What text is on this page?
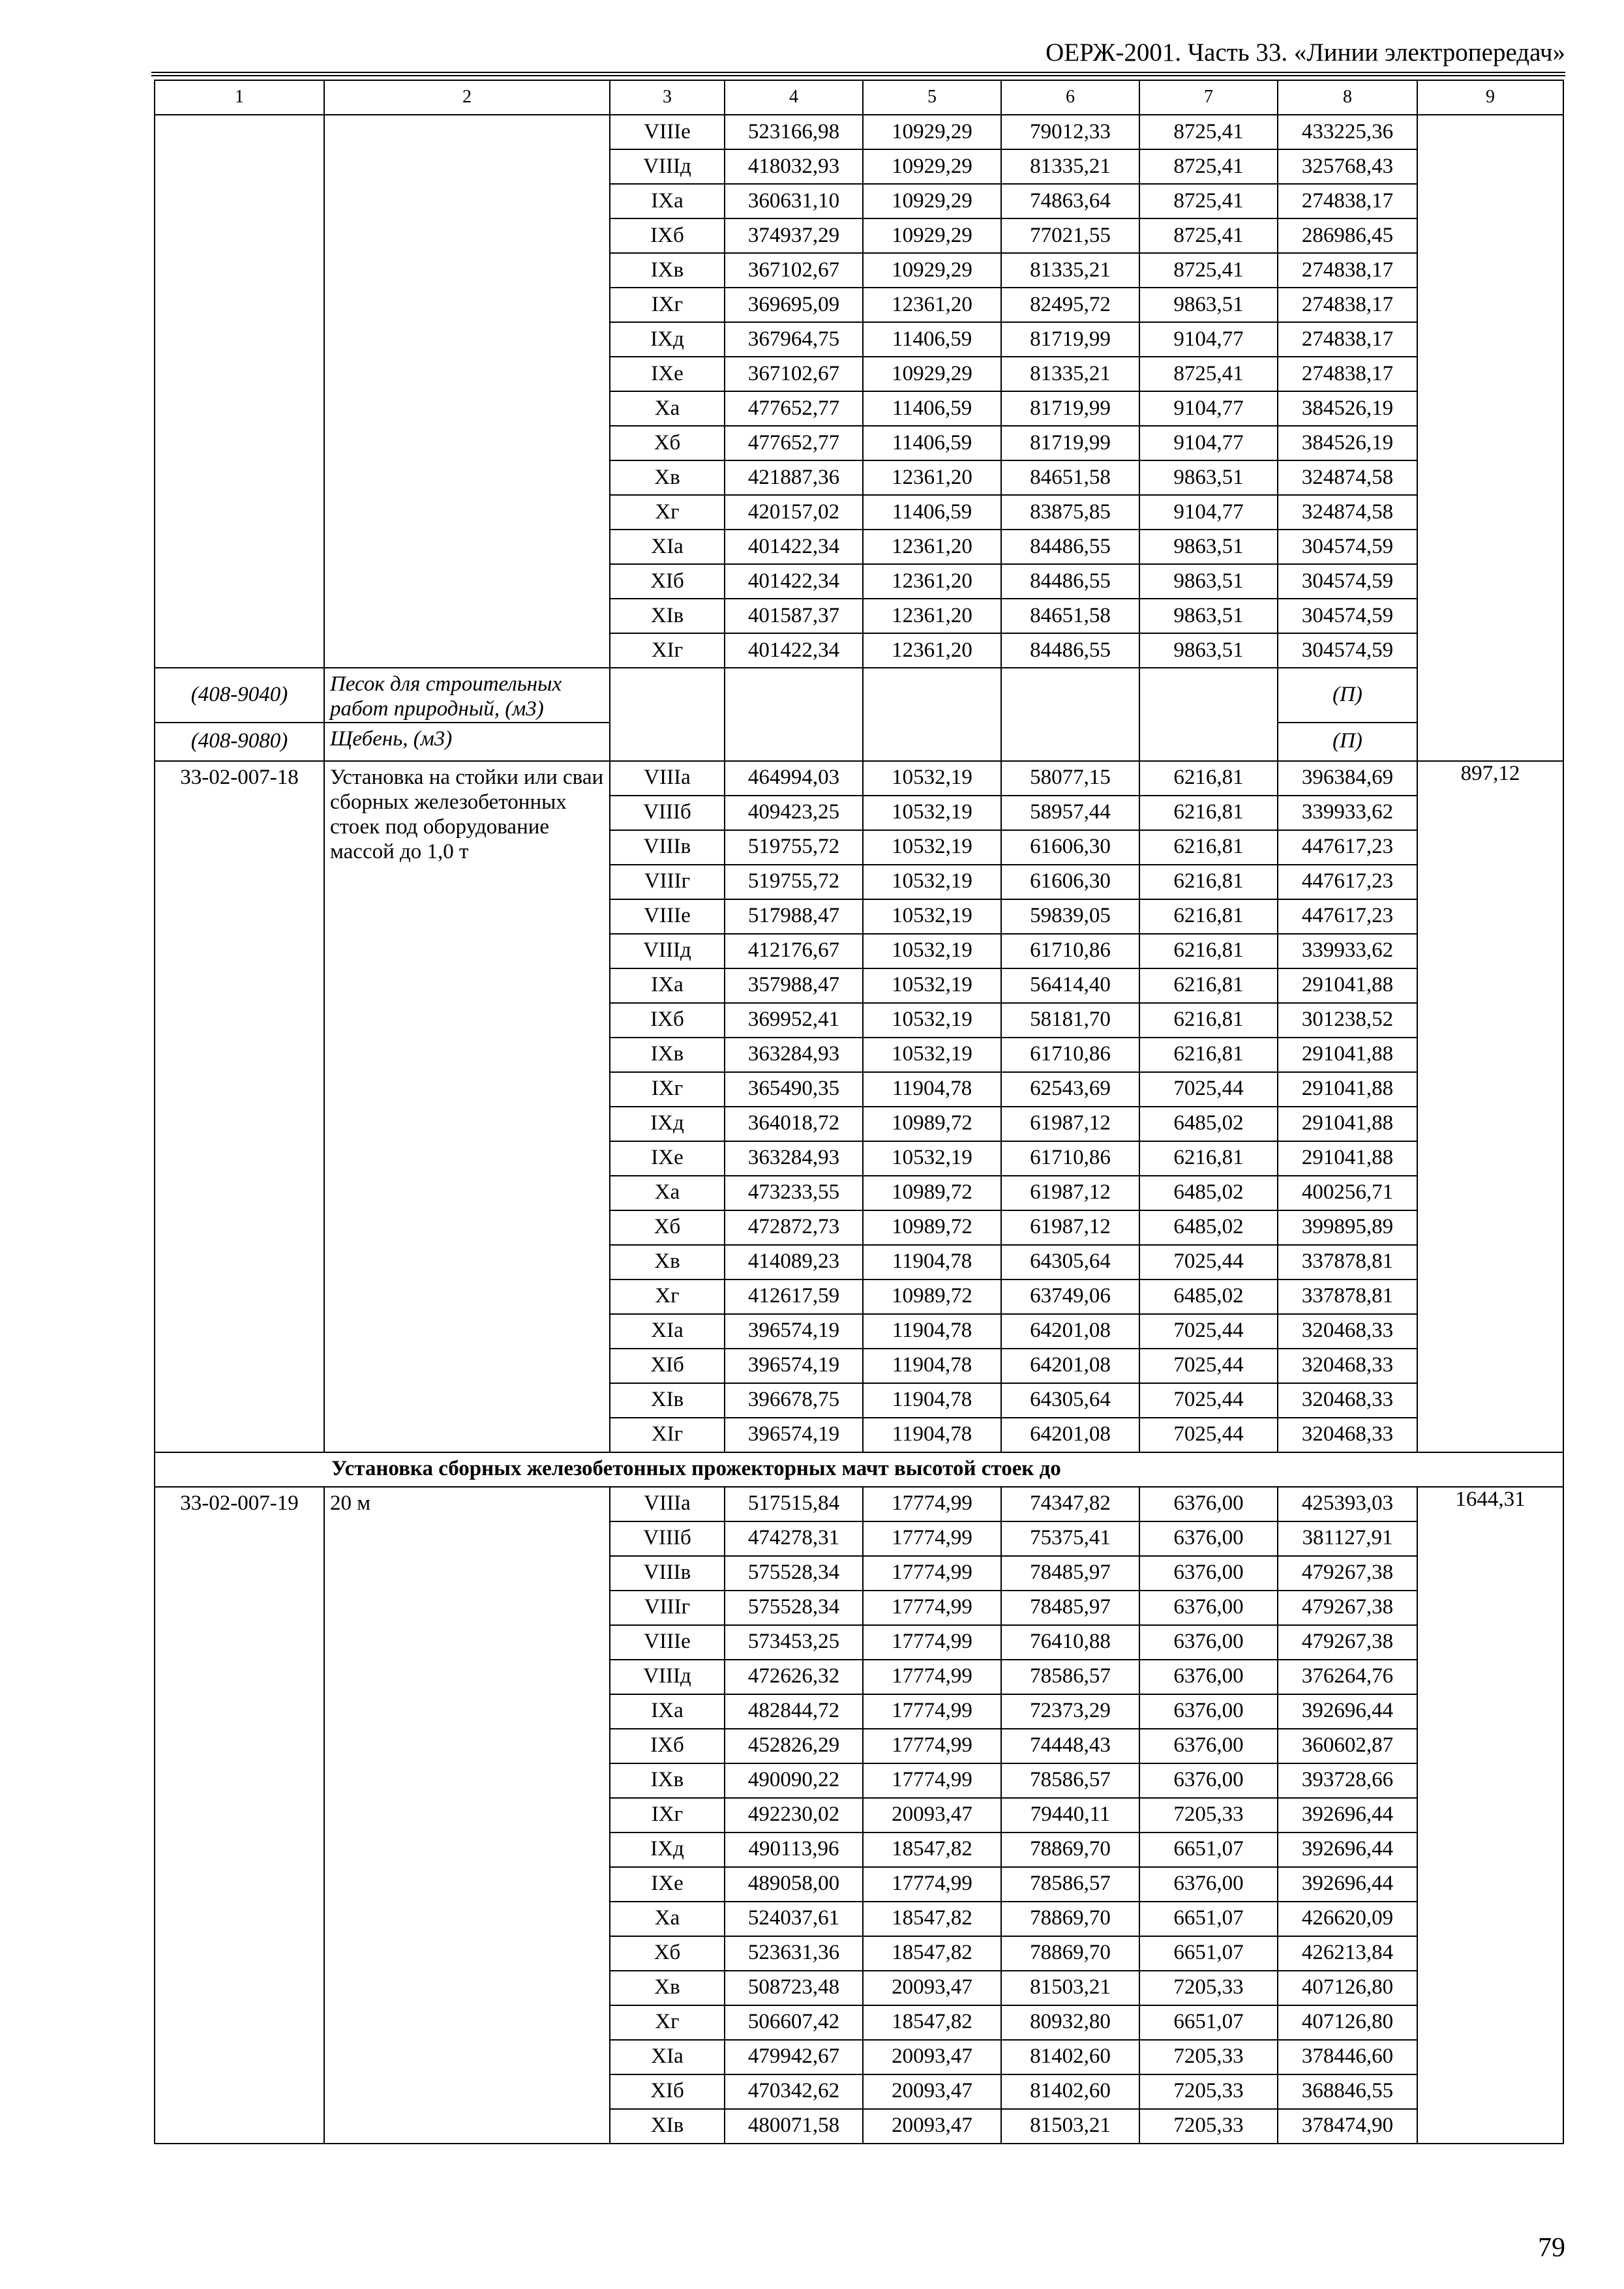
ОЕРЖ-2001. Часть 33. «Линии электропередач»
1	2	3	4	5	6	7	8	9
		VIIIе	523166,98	10929,29	79012,33	8725,41	433225,36	
		VIIIд	418032,93	10929,29	81335,21	8725,41	325768,43	
		IXа	360631,10	10929,29	74863,64	8725,41	274838,17	
		IXб	374937,29	10929,29	77021,55	8725,41	286986,45	
		IXв	367102,67	10929,29	81335,21	8725,41	274838,17	
		IXг	369695,09	12361,20	82495,72	9863,51	274838,17	
		IXд	367964,75	11406,59	81719,99	9104,77	274838,17	
		IXе	367102,67	10929,29	81335,21	8725,41	274838,17	
		Xа	477652,77	11406,59	81719,99	9104,77	384526,19	
		Xб	477652,77	11406,59	81719,99	9104,77	384526,19	
		Xв	421887,36	12361,20	84651,58	9863,51	324874,58	
		Xг	420157,02	11406,59	83875,85	9104,77	324874,58	
		XIа	401422,34	12361,20	84486,55	9863,51	304574,59	
		XIб	401422,34	12361,20	84486,55	9863,51	304574,59	
		XIв	401587,37	12361,20	84651,58	9863,51	304574,59	
		XIг	401422,34	12361,20	84486,55	9863,51	304574,59	
(408-9040)	Песок для строительных работ природный, (м3)						(П)	
(408-9080)	Щебень, (м3)						(П)	
33-02-007-18	Установка на стойки или сваи сборных железобетонных стоек под оборудование массой до 1,0 т	VIIIа	464994,03	10532,19	58077,15	6216,81	396384,69	897,12
		VIIIб	409423,25	10532,19	58957,44	6216,81	339933,62	
		VIIIв	519755,72	10532,19	61606,30	6216,81	447617,23	
		VIIIг	519755,72	10532,19	61606,30	6216,81	447617,23	
		VIIIе	517988,47	10532,19	59839,05	6216,81	447617,23	
		VIIIд	412176,67	10532,19	61710,86	6216,81	339933,62	
		IXа	357988,47	10532,19	56414,40	6216,81	291041,88	
		IXб	369952,41	10532,19	58181,70	6216,81	301238,52	
		IXв	363284,93	10532,19	61710,86	6216,81	291041,88	
		IXг	365490,35	11904,78	62543,69	7025,44	291041,88	
		IXд	364018,72	10989,72	61987,12	6485,02	291041,88	
		IXе	363284,93	10532,19	61710,86	6216,81	291041,88	
		Xа	473233,55	10989,72	61987,12	6485,02	400256,71	
		Xб	472872,73	10989,72	61987,12	6485,02	399895,89	
		Xв	414089,23	11904,78	64305,64	7025,44	337878,81	
		Xг	412617,59	10989,72	63749,06	6485,02	337878,81	
		XIа	396574,19	11904,78	64201,08	7025,44	320468,33	
		XIб	396574,19	11904,78	64201,08	7025,44	320468,33	
		XIв	396678,75	11904,78	64305,64	7025,44	320468,33	
		XIг	396574,19	11904,78	64201,08	7025,44	320468,33	
Установка сборных железобетонных прожекторных мачт высотой стоек до								
33-02-007-19	20 м	VIIIа	517515,84	17774,99	74347,82	6376,00	425393,03	1644,31
		VIIIб	474278,31	17774,99	75375,41	6376,00	381127,91	
		VIIIв	575528,34	17774,99	78485,97	6376,00	479267,38	
		VIIIг	575528,34	17774,99	78485,97	6376,00	479267,38	
		VIIIе	573453,25	17774,99	76410,88	6376,00	479267,38	
		VIIIд	472626,32	17774,99	78586,57	6376,00	376264,76	
		IXа	482844,72	17774,99	72373,29	6376,00	392696,44	
		IXб	452826,29	17774,99	74448,43	6376,00	360602,87	
		IXв	490090,22	17774,99	78586,57	6376,00	393728,66	
		IXг	492230,02	20093,47	79440,11	7205,33	392696,44	
		IXд	490113,96	18547,82	78869,70	6651,07	392696,44	
		IXе	489058,00	17774,99	78586,57	6376,00	392696,44	
		Xа	524037,61	18547,82	78869,70	6651,07	426620,09	
		Xб	523631,36	18547,82	78869,70	6651,07	426213,84	
		Xв	508723,48	20093,47	81503,21	7205,33	407126,80	
		Xг	506607,42	18547,82	80932,80	6651,07	407126,80	
		XIа	479942,67	20093,47	81402,60	7205,33	378446,60	
		XIб	470342,62	20093,47	81402,60	7205,33	368846,55	
		XIв	480071,58	20093,47	81503,21	7205,33	378474,90	
79
